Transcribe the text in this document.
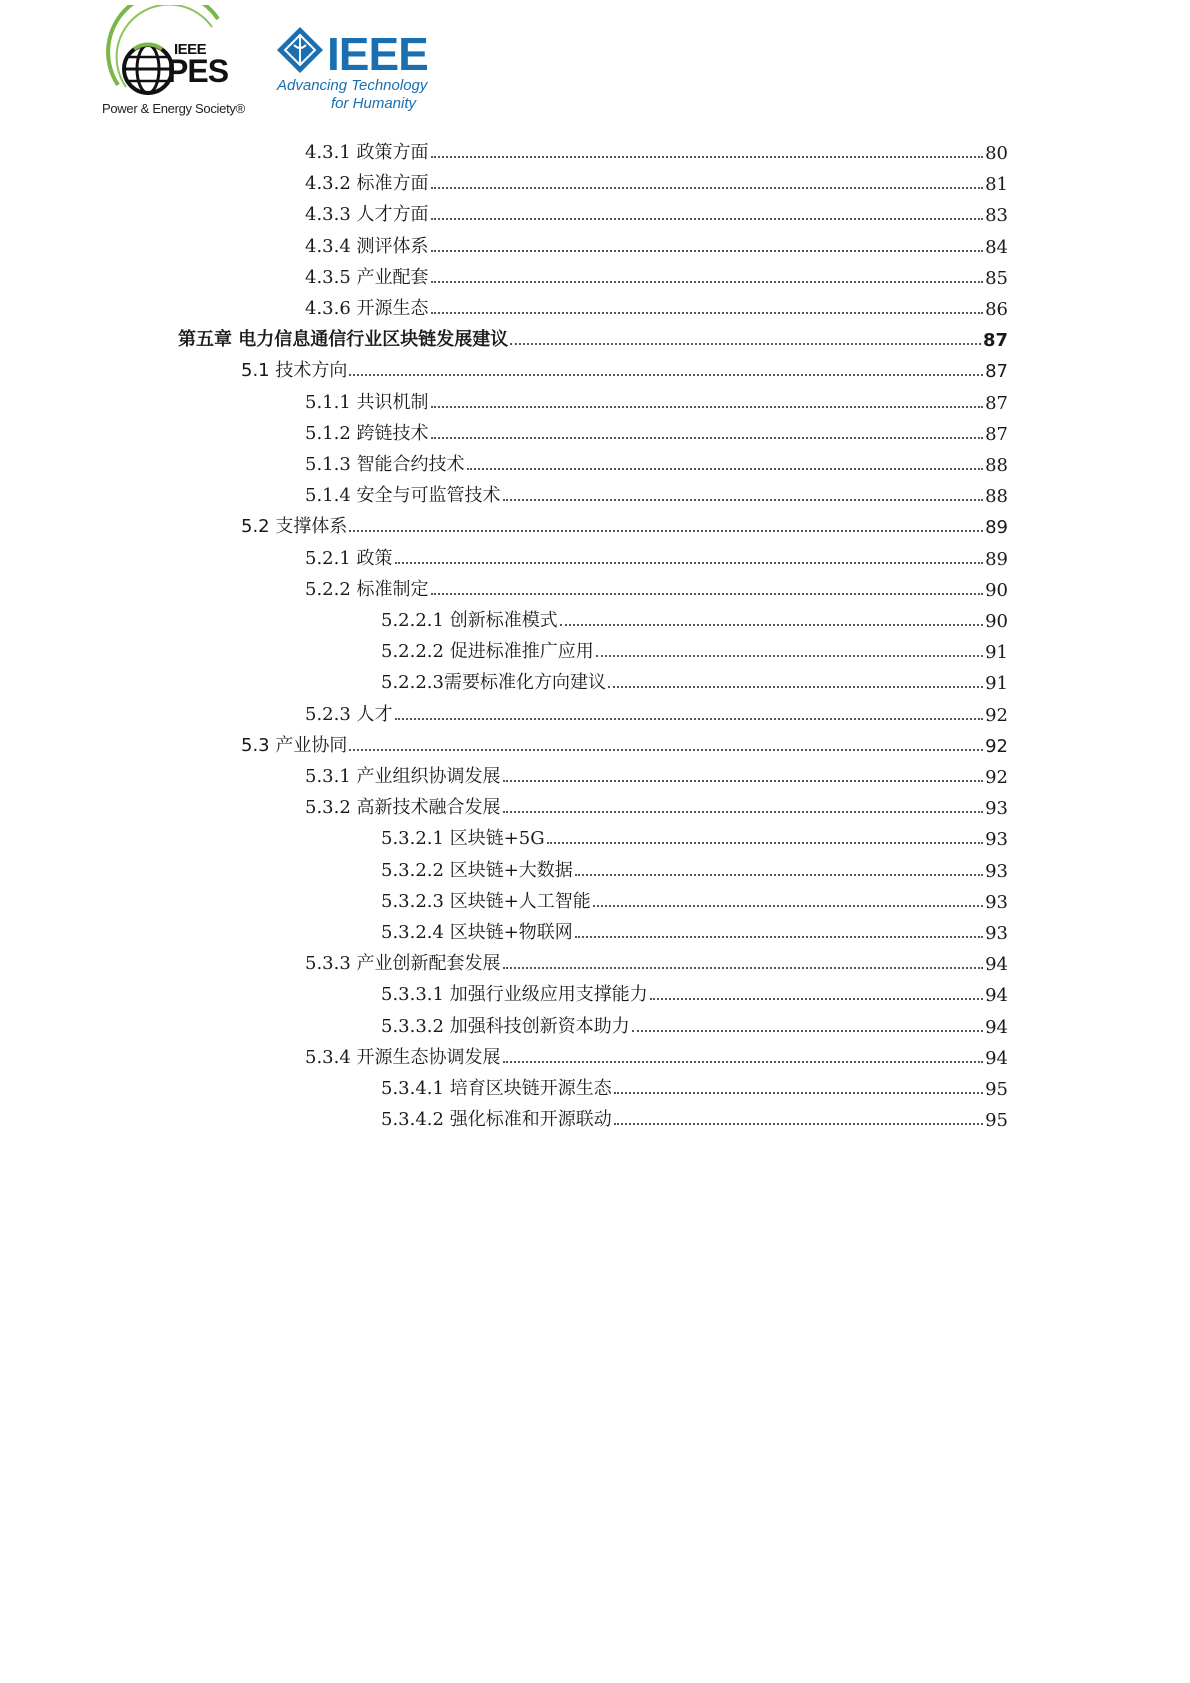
IEEE
PES
Power & Energy Society®
IEEE
Advancing Technology
for Humanity
4.3.1 政策方面	80
4.3.2 标准方面	81
4.3.3 人才方面	83
4.3.4 测评体系	84
4.3.5 产业配套	85
4.3.6 开源生态	86
第五章 电力信息通信行业区块链发展建议	87
5.1 技术方向	87
5.1.1 共识机制	87
5.1.2 跨链技术	87
5.1.3 智能合约技术	88
5.1.4 安全与可监管技术	88
5.2 支撑体系	89
5.2.1 政策	89
5.2.2 标准制定	90
5.2.2.1 创新标准模式	90
5.2.2.2 促进标准推广应用	91
5.2.2.3需要标准化方向建议	91
5.2.3 人才	92
5.3 产业协同	92
5.3.1 产业组织协调发展	92
5.3.2 高新技术融合发展	93
5.3.2.1 区块链+5G	93
5.3.2.2 区块链+大数据	93
5.3.2.3 区块链+人工智能	93
5.3.2.4 区块链+物联网	93
5.3.3 产业创新配套发展	94
5.3.3.1 加强行业级应用支撑能力	94
5.3.3.2 加强科技创新资本助力	94
5.3.4 开源生态协调发展	94
5.3.4.1 培育区块链开源生态	95
5.3.4.2 强化标准和开源联动	95
